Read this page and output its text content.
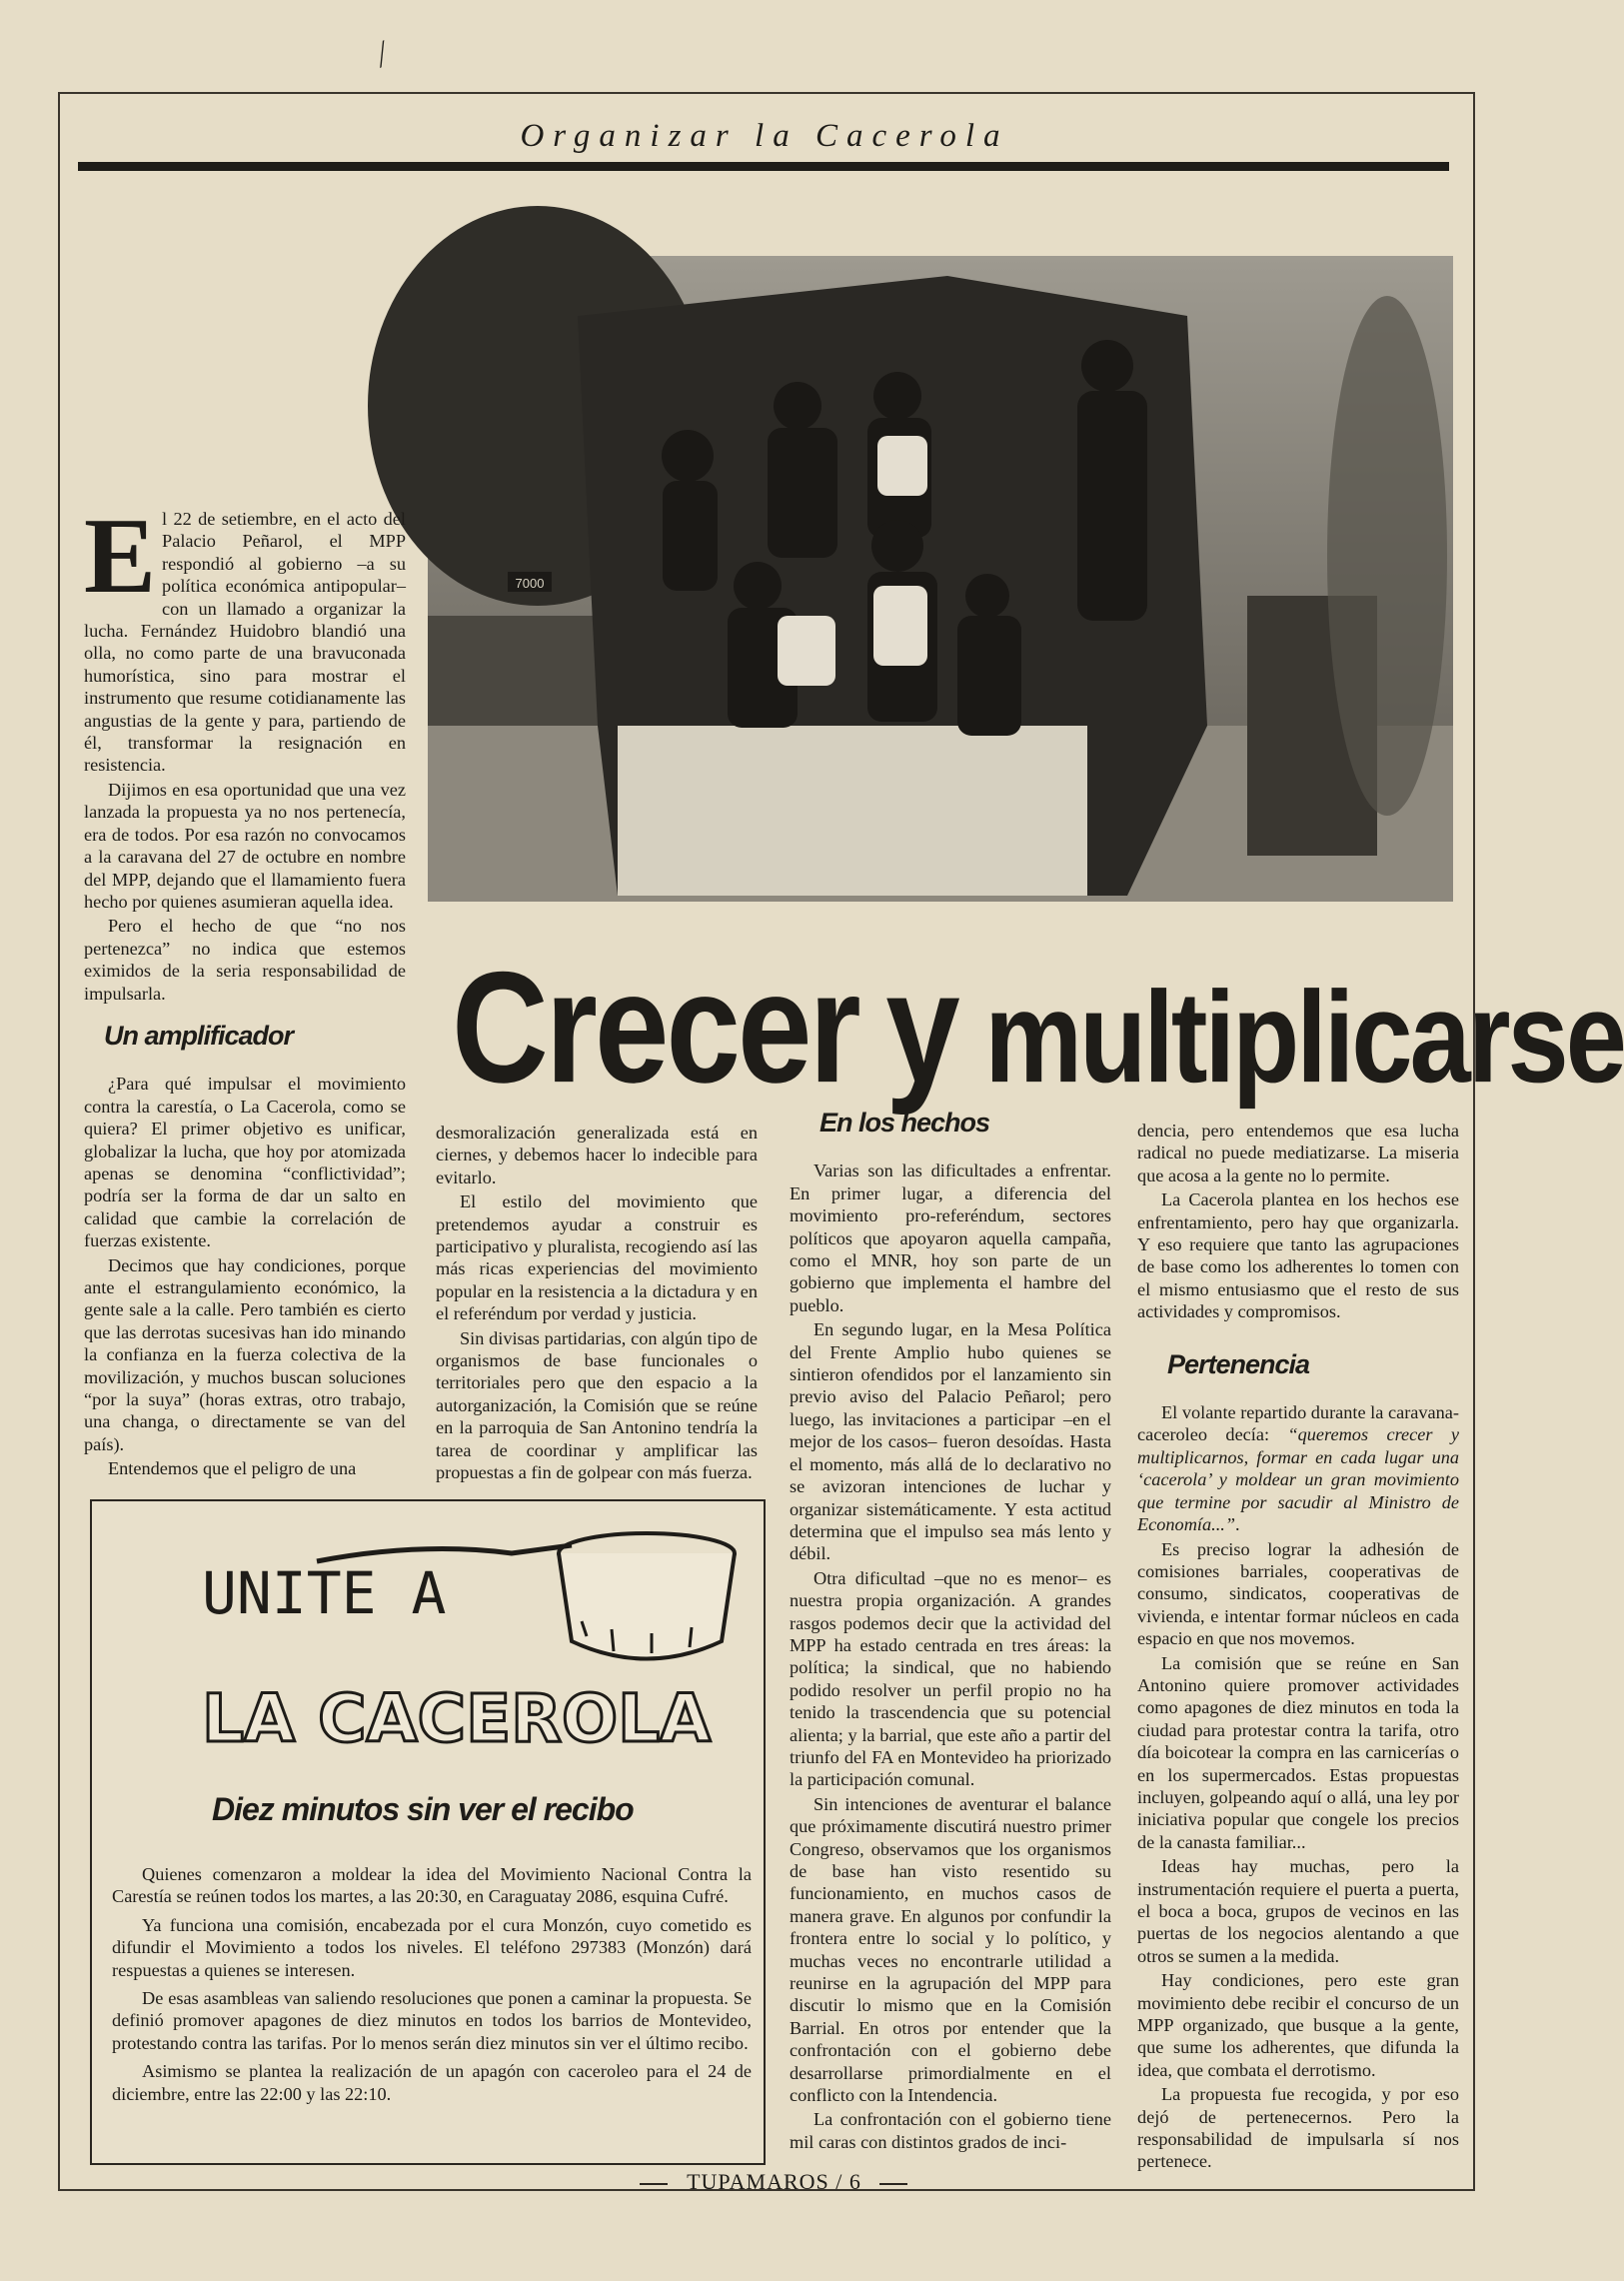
⁄
Organizar la Cacerola
7000

El 22 de setiembre, en el acto del Palacio Peñarol, el MPP respondió al gobierno –a su política económica antipopular– con un llamado a organizar la lucha. Fernández Huidobro blandió una olla, no como parte de una bravuconada humorística, sino para mostrar el instrumento que resume cotidianamente las angustias de la gente y para, partiendo de él, transformar la resignación en resistencia.

Dijimos en esa oportunidad que una vez lanzada la propuesta ya no nos pertenecía, era de todos. Por esa razón no convocamos a la caravana del 27 de octubre en nombre del MPP, dejando que el llamamiento fuera hecho por quienes asumieran aquella idea.

Pero el hecho de que “no nos pertenezca” no indica que estemos eximidos de la seria responsabilidad de impulsarla.

Un amplificador

¿Para qué impulsar el movimiento contra la carestía, o La Cacerola, como se quiera? El primer objetivo es unificar, globalizar la lucha, que hoy por atomizada apenas se denomina “conflictividad”; podría ser la forma de dar un salto en calidad que cambie la correlación de fuerzas existente.

Decimos que hay condiciones, porque ante el estrangulamiento económico, la gente sale a la calle. Pero también es cierto que las derrotas sucesivas han ido minando la confianza en la fuerza colectiva de la movilización, y muchos buscan soluciones “por la suya” (horas extras, otro trabajo, una changa, o directamente se van del país).

Entendemos que el peligro de una

Crecer y multiplicarse

desmoralización generalizada está en ciernes, y debemos hacer lo indecible para evitarlo.

El estilo del movimiento que pretendemos ayudar a construir es participativo y pluralista, recogiendo así las más ricas experiencias del movimiento popular en la resistencia a la dictadura y en el referéndum por verdad y justicia.

Sin divisas partidarias, con algún tipo de organismos de base funcionales o territoriales pero que den espacio a la autorganización, la Comisión que se reúne en la parroquia de San Antonino tendría la tarea de coordinar y amplificar las propuestas a fin de golpear con más fuerza.

En los hechos

Varias son las dificultades a enfrentar. En primer lugar, a diferencia del movimiento pro-referéndum, sectores políticos que apoyaron aquella campaña, como el MNR, hoy son parte de un gobierno que implementa el hambre del pueblo.

En segundo lugar, en la Mesa Política del Frente Amplio hubo quienes se sintieron ofendidos por el lanzamiento sin previo aviso del Palacio Peñarol; pero luego, las invitaciones a participar –en el mejor de los casos– fueron desoídas. Hasta el momento, más allá de lo declarativo no se avizoran intenciones de luchar y organizar sistemáticamente. Y esta actitud determina que el impulso sea más lento y débil.

Otra dificultad –que no es menor– es nuestra propia organización. A grandes rasgos podemos decir que la actividad del MPP ha estado centrada en tres áreas: la política; la sindical, que no habiendo podido resolver un perfil propio no ha tenido la trascendencia que su potencial alienta; y la barrial, que este año a partir del triunfo del FA en Montevideo ha priorizado la participación comunal.

Sin intenciones de aventurar el balance que próximamente discutirá nuestro primer Congreso, observamos que los organismos de base han visto resentido su funcionamiento, en muchos casos de manera grave. En algunos por confundir la frontera entre lo social y lo político, y muchas veces no encontrarle utilidad a reunirse en la agrupación del MPP para discutir lo mismo que en la Comisión Barrial. En otros por entender que la confrontación con el gobierno debe desarrollarse primordialmente en el conflicto con la Intendencia.

La confrontación con el gobierno tiene mil caras con distintos grados de inci-

dencia, pero entendemos que esa lucha radical no puede mediatizarse. La miseria que acosa a la gente no lo permite.

La Cacerola plantea en los hechos ese enfrentamiento, pero hay que organizarla. Y eso requiere que tanto las agrupaciones de base como los adherentes lo tomen con el mismo entusiasmo que el resto de sus actividades y compromisos.

Pertenencia

El volante repartido durante la caravana-caceroleo decía: “queremos crecer y multiplicarnos, formar en cada lugar una ‘cacerola’ y moldear un gran movimiento que termine por sacudir al Ministro de Economía...”.

Es preciso lograr la adhesión de comisiones barriales, cooperativas de consumo, sindicatos, cooperativas de vivienda, e intentar formar núcleos en cada espacio en que nos movemos.

La comisión que se reúne en San Antonino quiere promover actividades como apagones de diez minutos en toda la ciudad para protestar contra la tarifa, otro día boicotear la compra en las carnicerías o en los supermercados. Estas propuestas incluyen, golpeando aquí o allá, una ley por iniciativa popular que congele los precios de la canasta familiar...

Ideas hay muchas, pero la instrumentación requiere el puerta a puerta, el boca a boca, grupos de vecinos en las puertas de los negocios alentando a que otros se sumen a la medida.

Hay condiciones, pero este gran movimiento debe recibir el concurso de un MPP organizado, que busque a la gente, que sume los adherentes, que difunda la idea, que combata el derrotismo.

La propuesta fue recogida, y por eso dejó de pertenecernos. Pero la responsabilidad de impulsarla sí nos pertenece.

UNITE A
LA CACEROLA
Diez minutos sin ver el recibo

Quienes comenzaron a moldear la idea del Movimiento Nacional Contra la Carestía se reúnen todos los martes, a las 20:30, en Caraguatay 2086, esquina Cufré.

Ya funciona una comisión, encabezada por el cura Monzón, cuyo cometido es difundir el Movimiento a todos los niveles. El teléfono 297383 (Monzón) dará respuestas a quienes se interesen.

De esas asambleas van saliendo resoluciones que ponen a caminar la propuesta. Se definió promover apagones de diez minutos en todos los barrios de Montevideo, protestando contra las tarifas. Por lo menos serán diez minutos sin ver el último recibo.

Asimismo se plantea la realización de un apagón con caceroleo para el 24 de diciembre, entre las 22:00 y las 22:10.

TUPAMAROS / 6
